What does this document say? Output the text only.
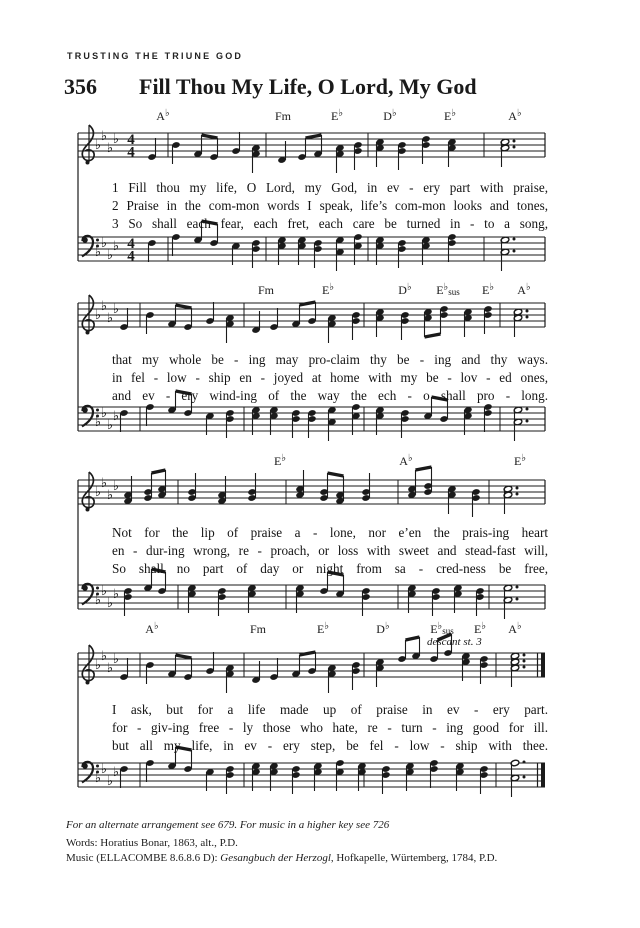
♭
♭
♭
♭
♭
♭
♭
♭
4
4
4
4
♭
♭
♭
♭
♭
♭
♭
♭
♭
♭
♭
♭
♭
♭
♭
♭
♭
♭
♭
♭
♭
♭
♭
♭
TRUSTING THE TRIUNE GOD
356 Fill Thou My Life, O Lord, My God
A♭	Fm	E♭	D♭	E♭	A♭
1 Fill thou my life, O Lord, my God, in ev - ery part with praise,
2 Praise in the com-mon words I speak, life’s com-mon looks and tones,
3 So shall each fear, each fret, each care be turned in - to a song,
Fm	E♭	D♭ E♭sus E♭ A♭
that my whole be - ing may pro-claim thy be - ing and thy ways.
in fel - low - ship en - joyed at home with my be - lov - ed ones,
and ev - ery wind-ing of the way the ech - o shall pro - long.
E♭	A♭	E♭
Not for the lip of praise a - lone, nor e’en the prais-ing heart
en - dur-ing wrong, re - proach, or loss with sweet and stead-fast will,
So shall no part of day or night from sa - cred-ness be free,
A♭	Fm	E♭	D♭	E♭sus E♭ A♭
descant st. 3
I ask, but for a life made up of praise in ev - ery part.
for - giv-ing free - ly those who hate, re - turn - ing good for ill.
but all my life, in ev - ery step, be fel - low - ship with thee.
For an alternate arrangement see 679. For music in a higher key see 726
Words: Horatius Bonar, 1863, alt., P.D.
Music (ELLACOMBE 8.6.8.6 D): Gesangbuch der Herzogl, Hofkapelle, Würtemberg, 1784, P.D.
